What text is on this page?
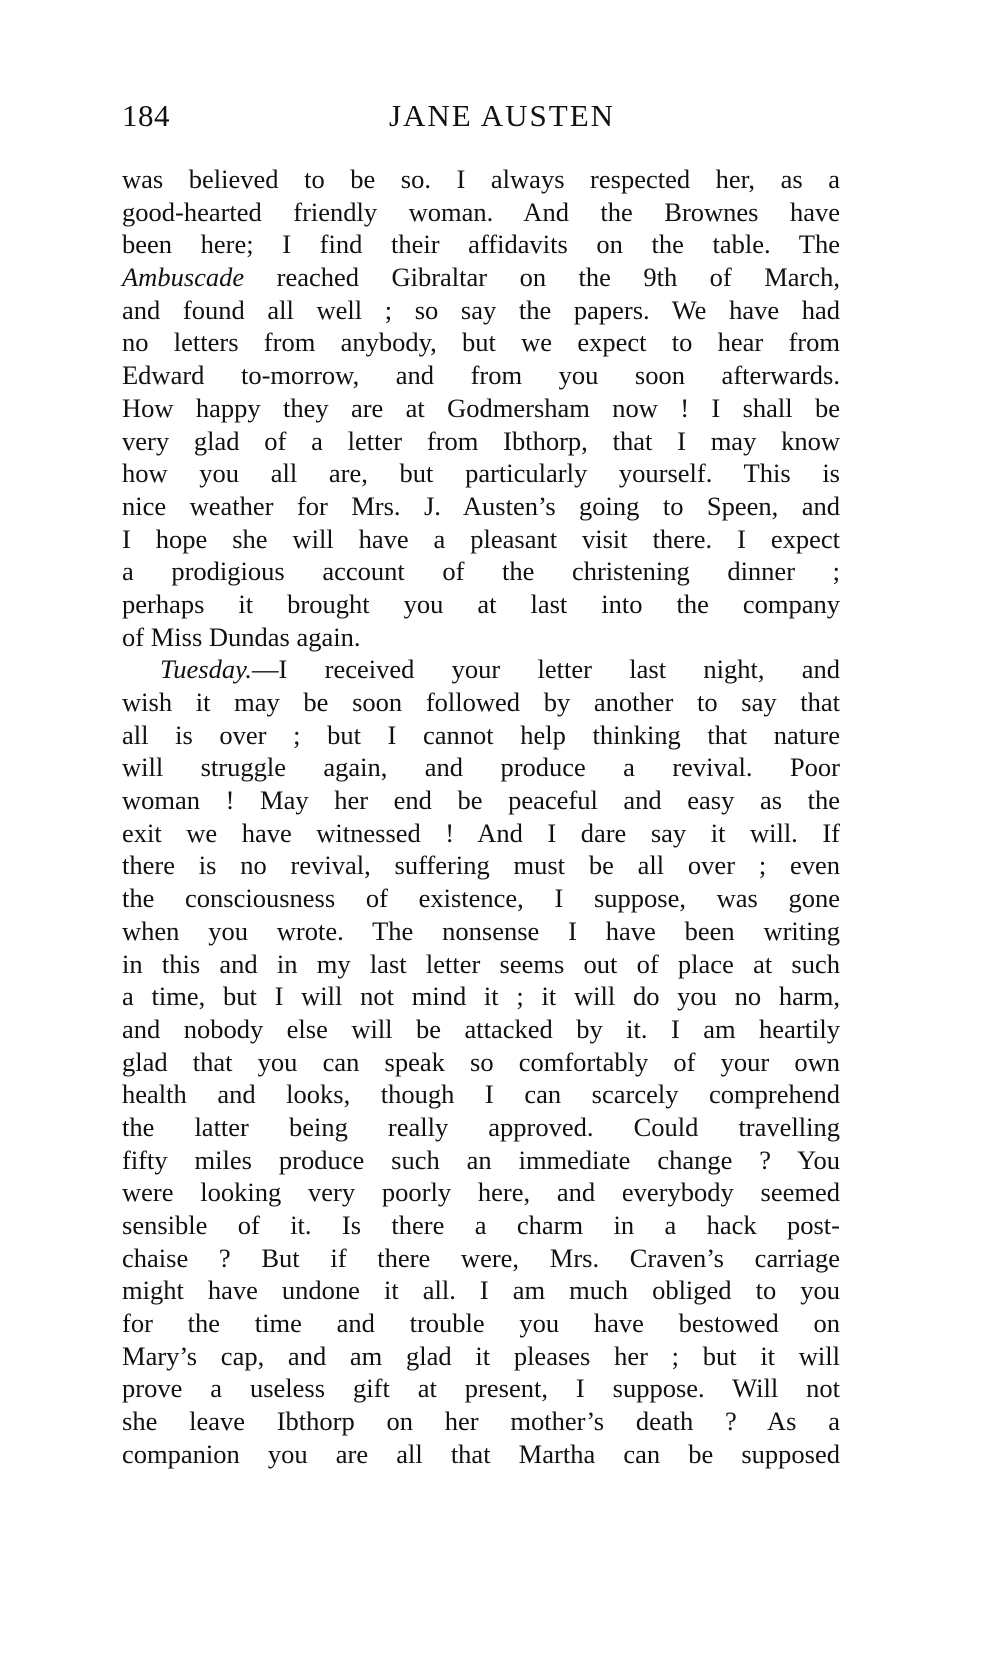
184	JANE AUSTEN
was believed to be so. I always respected her, as a
good-hearted friendly woman. And the Brownes have
been here; I find their affidavits on the table. The
Ambuscade reached Gibraltar on the 9th of March,
and found all well ; so say the papers. We have had
no letters from anybody, but we expect to hear from
Edward to-morrow, and from you soon afterwards.
How happy they are at Godmersham now ! I shall be
very glad of a letter from Ibthorp, that I may know
how you all are, but particularly yourself. This is
nice weather for Mrs. J. Austen’s going to Speen, and
I hope she will have a pleasant visit there. I expect
a prodigious account of the christening dinner ;
perhaps it brought you at last into the company
of Miss Dundas again.
Tuesday.—I received your letter last night, and
wish it may be soon followed by another to say that
all is over ; but I cannot help thinking that nature
will struggle again, and produce a revival. Poor
woman ! May her end be peaceful and easy as the
exit we have witnessed ! And I dare say it will. If
there is no revival, suffering must be all over ; even
the consciousness of existence, I suppose, was gone
when you wrote. The nonsense I have been writing
in this and in my last letter seems out of place at such
a time, but I will not mind it ; it will do you no harm,
and nobody else will be attacked by it. I am heartily
glad that you can speak so comfortably of your own
health and looks, though I can scarcely comprehend
the latter being really approved. Could travelling
fifty miles produce such an immediate change ? You
were looking very poorly here, and everybody seemed
sensible of it. Is there a charm in a hack post-
chaise ? But if there were, Mrs. Craven’s carriage
might have undone it all. I am much obliged to you
for the time and trouble you have bestowed on
Mary’s cap, and am glad it pleases her ; but it will
prove a useless gift at present, I suppose. Will not
she leave Ibthorp on her mother’s death ? As a
companion you are all that Martha can be supposed
